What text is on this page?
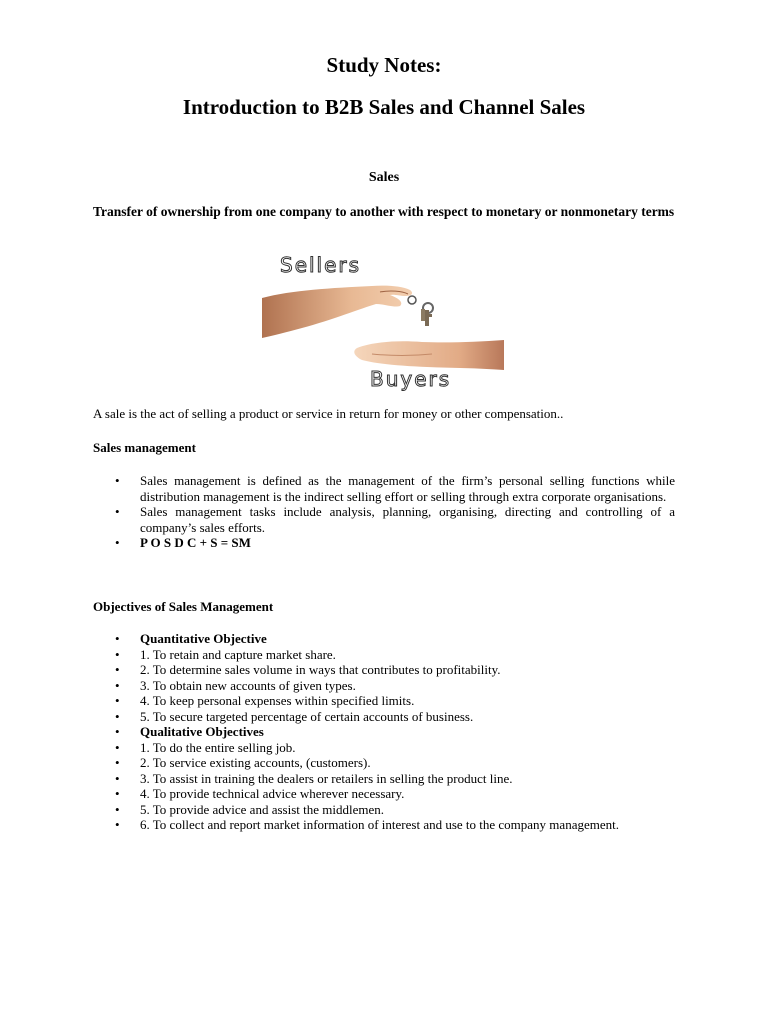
Study Notes:
Introduction to B2B Sales and Channel Sales
Sales

Transfer of ownership from one company to another with respect to monetary or nonmonetary terms

Sellers
Buyers

A sale is the act of selling a product or service in return for money or other compensation..

Sales management
• Sales management is defined as the management of the firm’s personal selling functions while distribution management is the indirect selling effort or selling through extra corporate organisations.
• Sales management tasks include analysis, planning, organising, directing and controlling of a company’s sales efforts.
• P O S D C + S = SM
Objectives of Sales Management
• Quantitative Objective
• 1. To retain and capture market share.
• 2. To determine sales volume in ways that contributes to profitability.
• 3. To obtain new accounts of given types.
• 4. To keep personal expenses within specified limits.
• 5. To secure targeted percentage of certain accounts of business.
• Qualitative Objectives
• 1. To do the entire selling job.
• 2. To service existing accounts, (customers).
• 3. To assist in training the dealers or retailers in selling the product line.
• 4. To provide technical advice wherever necessary.
• 5. To provide advice and assist the middlemen.
• 6. To collect and report market information of interest and use to the company management.
